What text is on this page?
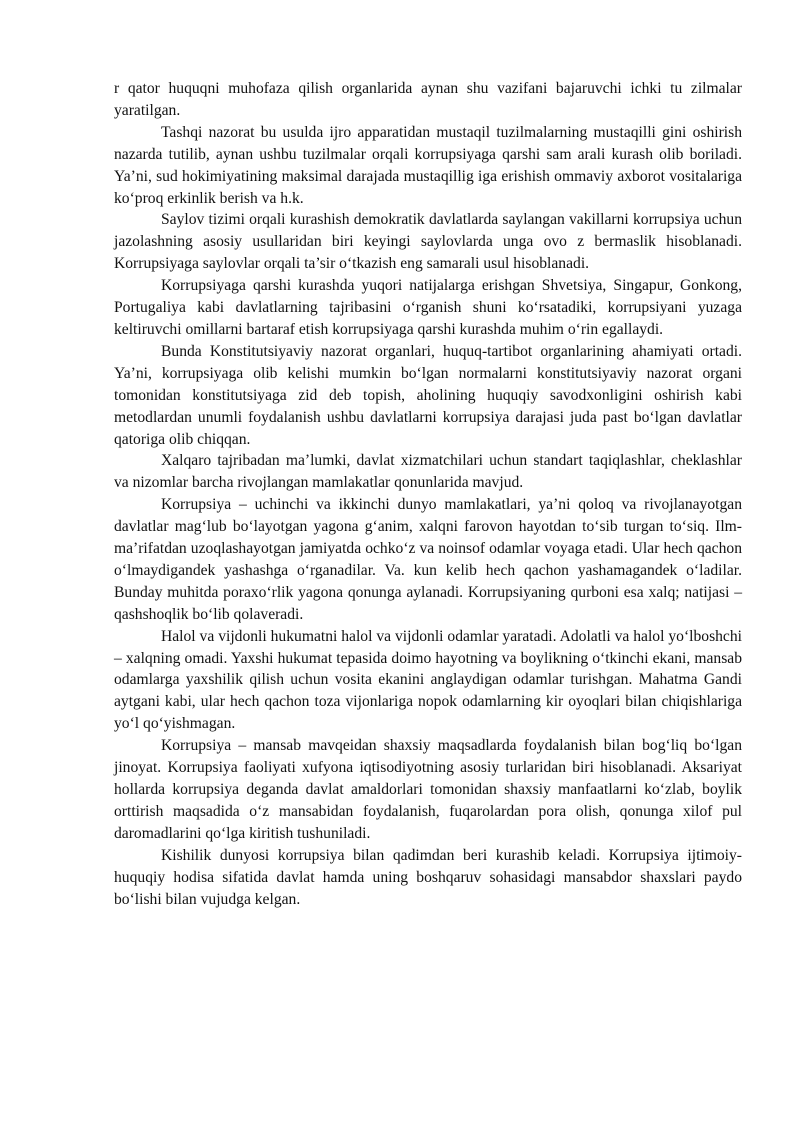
r qator huquqni muhofaza qilish organlarida aynan shu vazifani bajaruvchi ichki tu zilmalar yaratilgan.

Tashqi nazorat bu usulda ijro apparatidan mustaqil tuzilmalarning mustaqilli gini oshirish nazarda tutilib, aynan ushbu tuzilmalar orqali korrupsiyaga qarshi sam arali kurash olib boriladi. Ya’ni, sud hokimiyatining maksimal darajada mustaqillig iga erishish ommaviy axborot vositalariga ko‘proq erkinlik berish va h.k.

Saylov tizimi orqali kurashish demokratik davlatlarda saylangan vakillarni korrupsiya uchun jazolashning asosiy usullaridan biri keyingi saylovlarda unga ovo z bermaslik hisoblanadi. Korrupsiyaga saylovlar orqali ta’sir o‘tkazish eng samarali usul hisoblanadi.

Korrupsiyaga qarshi kurashda yuqori natijalarga erishgan Shvetsiya, Singapur, Gonkong, Portugaliya kabi davlatlarning tajribasini o‘rganish shuni ko‘rsatadiki, korrupsiyani yuzaga keltiruvchi omillarni bartaraf etish korrupsiyaga qarshi kurashda muhim o‘rin egallaydi.

Bunda Konstitutsiyaviy nazorat organlari, huquq-tartibot organlarining ahamiyati ortadi. Ya’ni, korrupsiyaga olib kelishi mumkin bo‘lgan normalarni konstitutsiyaviy nazorat organi tomonidan konstitutsiyaga zid deb topish, aholining huquqiy savodxonligini oshirish kabi metodlardan unumli foydalanish ushbu davlatlarni korrupsiya darajasi juda past bo‘lgan davlatlar qatoriga olib chiqqan.

Xalqaro tajribadan ma’lumki, davlat xizmatchilari uchun standart taqiqlashlar, cheklashlar va nizomlar barcha rivojlangan mamlakatlar qonunlarida mavjud.

Korrupsiya – uchinchi va ikkinchi dunyo mamlakatlari, ya’ni qoloq va rivojlanayotgan davlatlar mag‘lub bo‘layotgan yagona g‘anim, xalqni farovon hayotdan to‘sib turgan to‘siq. Ilm-ma’rifatdan uzoqlashayotgan jamiyatda ochko‘z va noinsof odamlar voyaga etadi. Ular hech qachon o‘lmaydigandek yashashga o‘rganadilar. Va. kun kelib hech qachon yashamagandek o‘ladilar. Bunday muhitda poraxo‘rlik yagona qonunga aylanadi. Korrupsiyaning qurboni esa xalq; natijasi – qashshoqlik bo‘lib qolaveradi.

Halol va vijdonli hukumatni halol va vijdonli odamlar yaratadi. Adolatli va halol yo‘lboshchi – xalqning omadi. Yaxshi hukumat tepasida doimo hayotning va boylikning o‘tkinchi ekani, mansab odamlarga yaxshilik qilish uchun vosita ekanini anglaydigan odamlar turishgan. Mahatma Gandi aytgani kabi, ular hech qachon toza vijonlariga nopok odamlarning kir oyoqlari bilan chiqishlariga yo‘l qo‘yishmagan.

Korrupsiya – mansab mavqeidan shaxsiy maqsadlarda foydalanish bilan bog‘liq bo‘lgan jinoyat. Korrupsiya faoliyati xufyona iqtisodiyotning asosiy turlaridan biri hisoblanadi. Aksariyat hollarda korrupsiya deganda davlat amaldorlari tomonidan shaxsiy manfaatlarni ko‘zlab, boylik orttirish maqsadida o‘z mansabidan foydalanish, fuqarolardan pora olish, qonunga xilof pul daromadlarini qo‘lga kiritish tushuniladi.

Kishilik dunyosi korrupsiya bilan qadimdan beri kurashib keladi. Korrupsiya ijtimoiy-huquqiy hodisa sifatida davlat hamda uning boshqaruv sohasidagi mansabdor shaxslari paydo bo‘lishi bilan vujudga kelgan.
